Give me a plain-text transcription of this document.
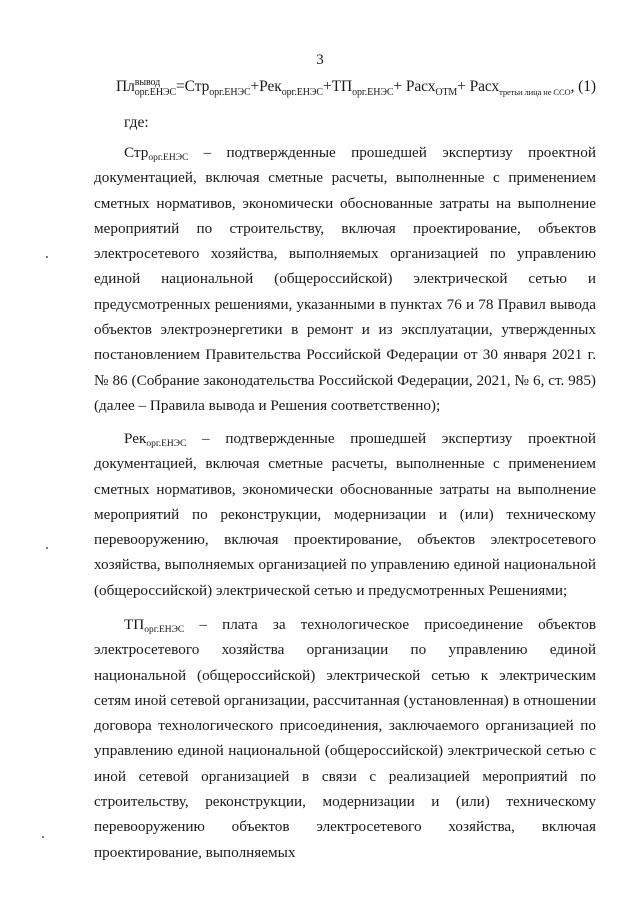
3
Пл вывод
орг.ЕНЭС $=Стр_{орг.ЕНЭС}+Рек_{орг.ЕНЭС}+ТП_{орг.ЕНЭС}+$ Расх$_{ОТМ}$+ Расх$_{третьи лица не ССО}$, (1)
где:

Стр$_{орг.ЕНЭС}$ – подтвержденные прошедшей экспертизу проектной документацией, включая сметные расчеты, выполненные с применением сметных нормативов, экономически обоснованные затраты на выполнение мероприятий по строительству, включая проектирование, объектов электросетевого хозяйства, выполняемых организацией по управлению единой национальной (общероссийской) электрической сетью и предусмотренных решениями, указанными в пунктах 76 и 78 Правил вывода объектов электроэнергетики в ремонт и из эксплуатации, утвержденных постановлением Правительства Российской Федерации от 30 января 2021 г. № 86 (Собрание законодательства Российской Федерации, 2021, № 6, ст. 985) (далее – Правила вывода и Решения соответственно);

Рек$_{орг.ЕНЭС}$ – подтвержденные прошедшей экспертизу проектной документацией, включая сметные расчеты, выполненные с применением сметных нормативов, экономически обоснованные затраты на выполнение мероприятий по реконструкции, модернизации и (или) техническому перевооружению, включая проектирование, объектов электросетевого хозяйства, выполняемых организацией по управлению единой национальной (общероссийской) электрической сетью и предусмотренных Решениями;

$ТП_{орг.ЕНЭС}$ – плата за технологическое присоединение объектов электросетевого хозяйства организации по управлению единой национальной (общероссийской) электрической сетью к электрическим сетям иной сетевой организации, рассчитанная (установленная) в отношении договора технологического присоединения, заключаемого организацией по управлению единой национальной (общероссийской) электрической сетью с иной сетевой организацией в связи с реализацией мероприятий по строительству, реконструкции, модернизации и (или) техническому перевооружению объектов электросетевого хозяйства, включая проектирование, выполняемых
